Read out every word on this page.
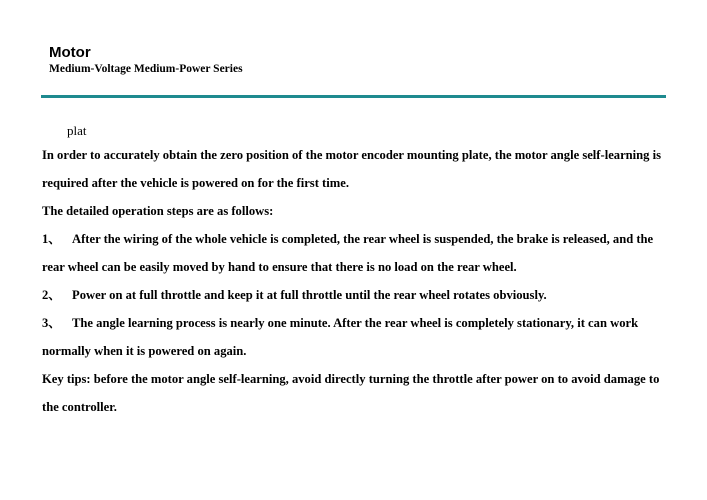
Motor

Medium-Voltage Medium-Power Series

plat

In order to accurately obtain the zero position of the motor encoder mounting plate, the motor angle self-learning is required after the vehicle is powered on for the first time.

The detailed operation steps are as follows:

1、 After the wiring of the whole vehicle is completed, the rear wheel is suspended, the brake is released, and the rear wheel can be easily moved by hand to ensure that there is no load on the rear wheel.

2、 Power on at full throttle and keep it at full throttle until the rear wheel rotates obviously.

3、 The angle learning process is nearly one minute. After the rear wheel is completely stationary, it can work normally when it is powered on again.

Key tips: before the motor angle self-learning, avoid directly turning the throttle after power on to avoid damage to the controller.
